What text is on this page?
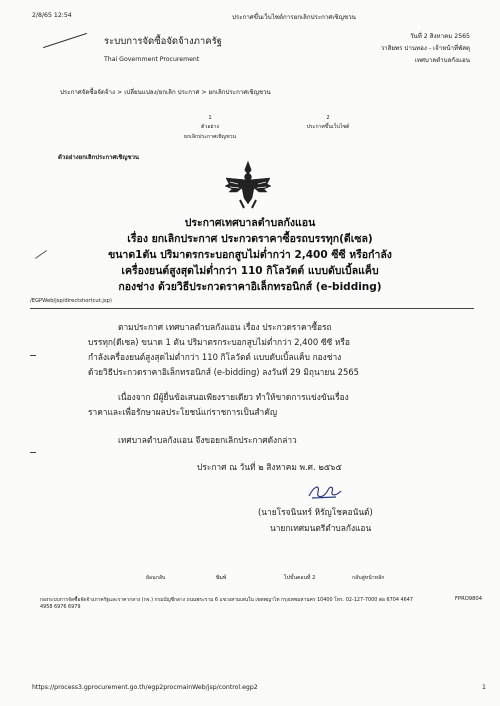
2/8/65 12:54	ประกาศขึ้นเว็บไซต์การยกเลิกประกาศเชิญชวน
ระบบการจัดซื้อจัดจ้างภาครัฐ
Thai Government Procurement
วันที่ 2 สิงหาคม 2565
วาสิยพร ปานทอง - เจ้าหน้าที่พัสดุ
เทศบาลตำบลกังแอน
ประกาศจัดซื้อจัดจ้าง > เปลี่ยนแปลง/ยกเลิก ประกาศ > ยกเลิกประกาศเชิญชวน
1
ตัวอย่าง
ยกเลิกประกาศเชิญชวน
2
ประกาศขึ้นเว็บไซต์
ตัวอย่างยกเลิกประกาศเชิญชวน
ประกาศเทศบาลตำบลกังแอน
เรื่อง ยกเลิกประกาศ ประกวดราคาซื้อรถบรรทุก(ดีเซล)
ขนาด1ตัน ปริมาตรกระบอกสูบไม่ต่ำกว่า 2,400 ซีซี หรือกำลัง
เครื่องยนต์สูงสุดไม่ต่ำกว่า 110 กิโลวัตต์ แบบดับเบิ้ลแค็บ
กองช่าง ด้วยวิธีประกวดราคาอิเล็กทรอนิกส์ (e-bidding)
/EGPWeb/jsp/directshortcut.jsp)
ตามประกาศ เทศบาลตำบลกังแอน เรื่อง ประกวดราคาซื้อรถ
บรรทุก(ดีเซล) ขนาด 1 ตัน ปริมาตรกระบอกสูบไม่ต่ำกว่า 2,400 ซีซี หรือ
กำลังเครื่องยนต์สูงสุดไม่ต่ำกว่า 110 กิโลวัตต์ แบบดับเบิ้ลแค็บ กองช่าง
ด้วยวิธีประกวดราคาอิเล็กทรอนิกส์ (e-bidding) ลงวันที่ 29 มิถุนายน 2565
เนื่องจาก มีผู้ยื่นข้อเสนอเพียงรายเดียว ทำให้ขาดการแข่งขันเรื่อง
ราคาและเพื่อรักษาผลประโยชน์แก่ราชการเป็นสำคัญ
เทศบาลตำบลกังแอน จึงขอยกเลิกประกาศดังกล่าว
ประกาศ ณ วันที่ ๒ สิงหาคม พ.ศ. ๒๕๖๕
(นายโรจนินทร์ หิรัญโชคอนันต์)
นายกเทศมนตรีตำบลกังแอน
ย้อนกลับ	พิมพ์	ไปขั้นตอนที่ 2	กลับสู่หน้าหลัก
กองระบบการจัดซื้อจัดจ้างภาครัฐและราคากลาง (กจ.) กรมบัญชีกลาง ถนนพระราม 6 แขวงสามเสนใน เขตพญาไท กรุงเทพมหานคร 10400 โทร. 02-127-7000 ต่อ 6704 4647
4958 6976 6979
FPRO9804
https://process3.gprocurement.go.th/egp2procmainWeb/jsp/control.egp2	1
